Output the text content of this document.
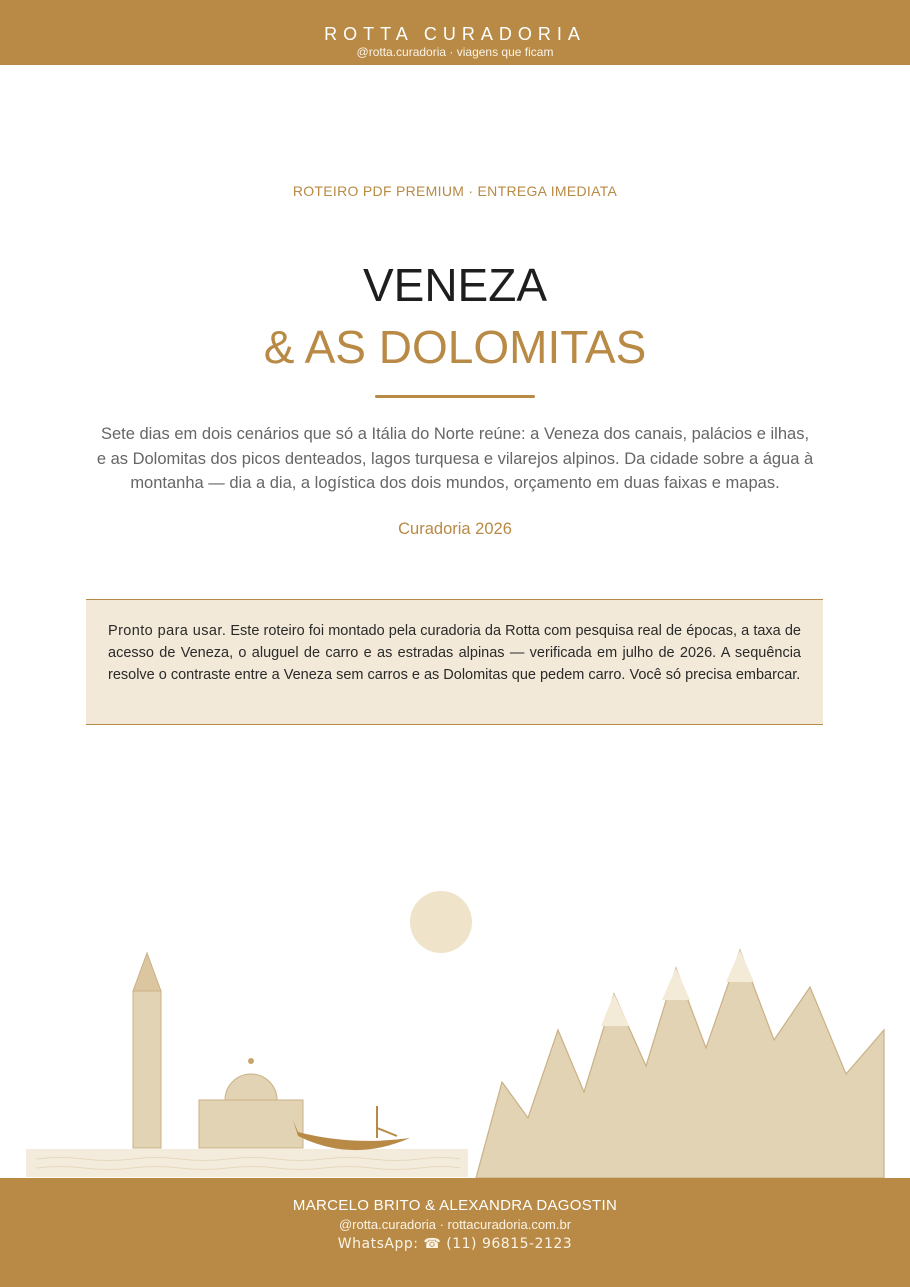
ROTTA CURADORIA
@rotta.curadoria · viagens que ficam
ROTEIRO PDF PREMIUM · ENTREGA IMEDIATA
VENEZA
& AS DOLOMITAS
Sete dias em dois cenários que só a Itália do Norte reúne: a Veneza dos canais, palácios e ilhas, e as Dolomitas dos picos denteados, lagos turquesa e vilarejos alpinos. Da cidade sobre a água à montanha — dia a dia, a logística dos dois mundos, orçamento em duas faixas e mapas.
Curadoria 2026
Pronto para usar. Este roteiro foi montado pela curadoria da Rotta com pesquisa real de épocas, a taxa de acesso de Veneza, o aluguel de carro e as estradas alpinas — verificada em julho de 2026. A sequência resolve o contraste entre a Veneza sem carros e as Dolomitas que pedem carro. Você só precisa embarcar.
MARCELO BRITO & ALEXANDRA DAGOSTIN
@rotta.curadoria · rottacuradoria.com.br
WhatsApp: ☎ (11) 96815-2123
